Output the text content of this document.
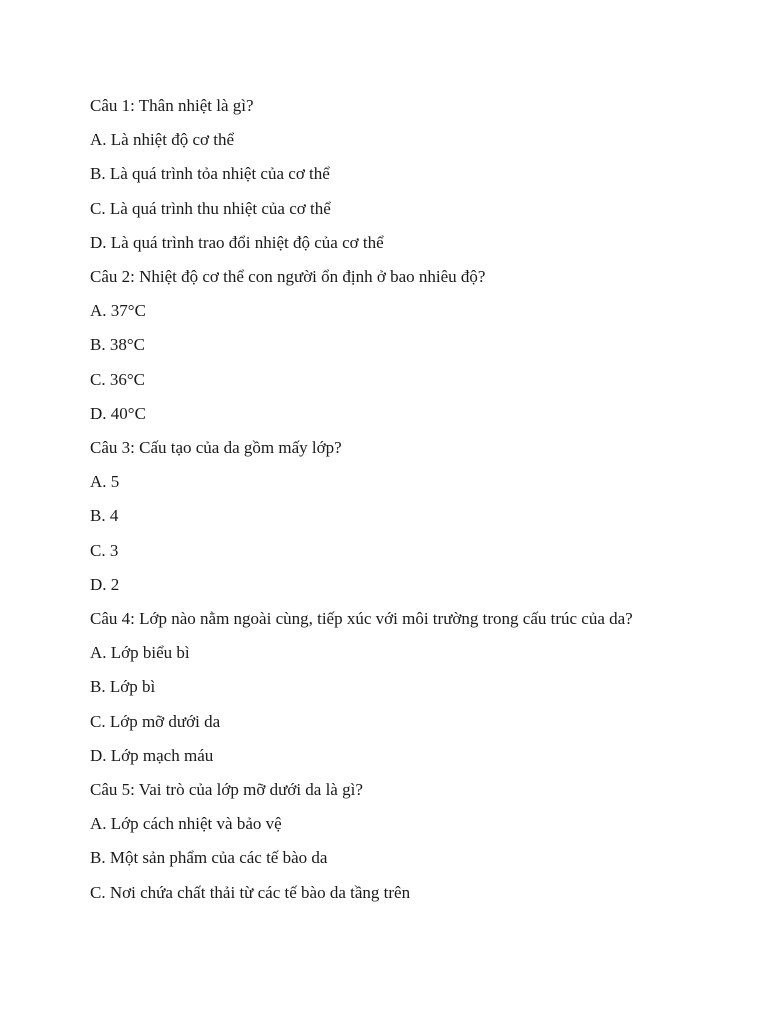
Câu 1: Thân nhiệt là gì?

A. Là nhiệt độ cơ thể

B. Là quá trình tỏa nhiệt của cơ thể

C. Là quá trình thu nhiệt của cơ thể

D. Là quá trình trao đổi nhiệt độ của cơ thể

Câu 2: Nhiệt độ cơ thể con người ổn định ở bao nhiêu độ?

A. 37°C

B. 38°C

C. 36°C

D. 40°C

Câu 3: Cấu tạo của da gồm mấy lớp?

A. 5

B. 4

C. 3

D. 2

Câu 4: Lớp nào nằm ngoài cùng, tiếp xúc với môi trường trong cấu trúc của da?

A. Lớp biểu bì

B. Lớp bì

C. Lớp mỡ dưới da

D. Lớp mạch máu

Câu 5: Vai trò của lớp mỡ dưới da là gì?

A. Lớp cách nhiệt và bảo vệ

B. Một sản phẩm của các tế bào da

C. Nơi chứa chất thải từ các tế bào da tầng trên
